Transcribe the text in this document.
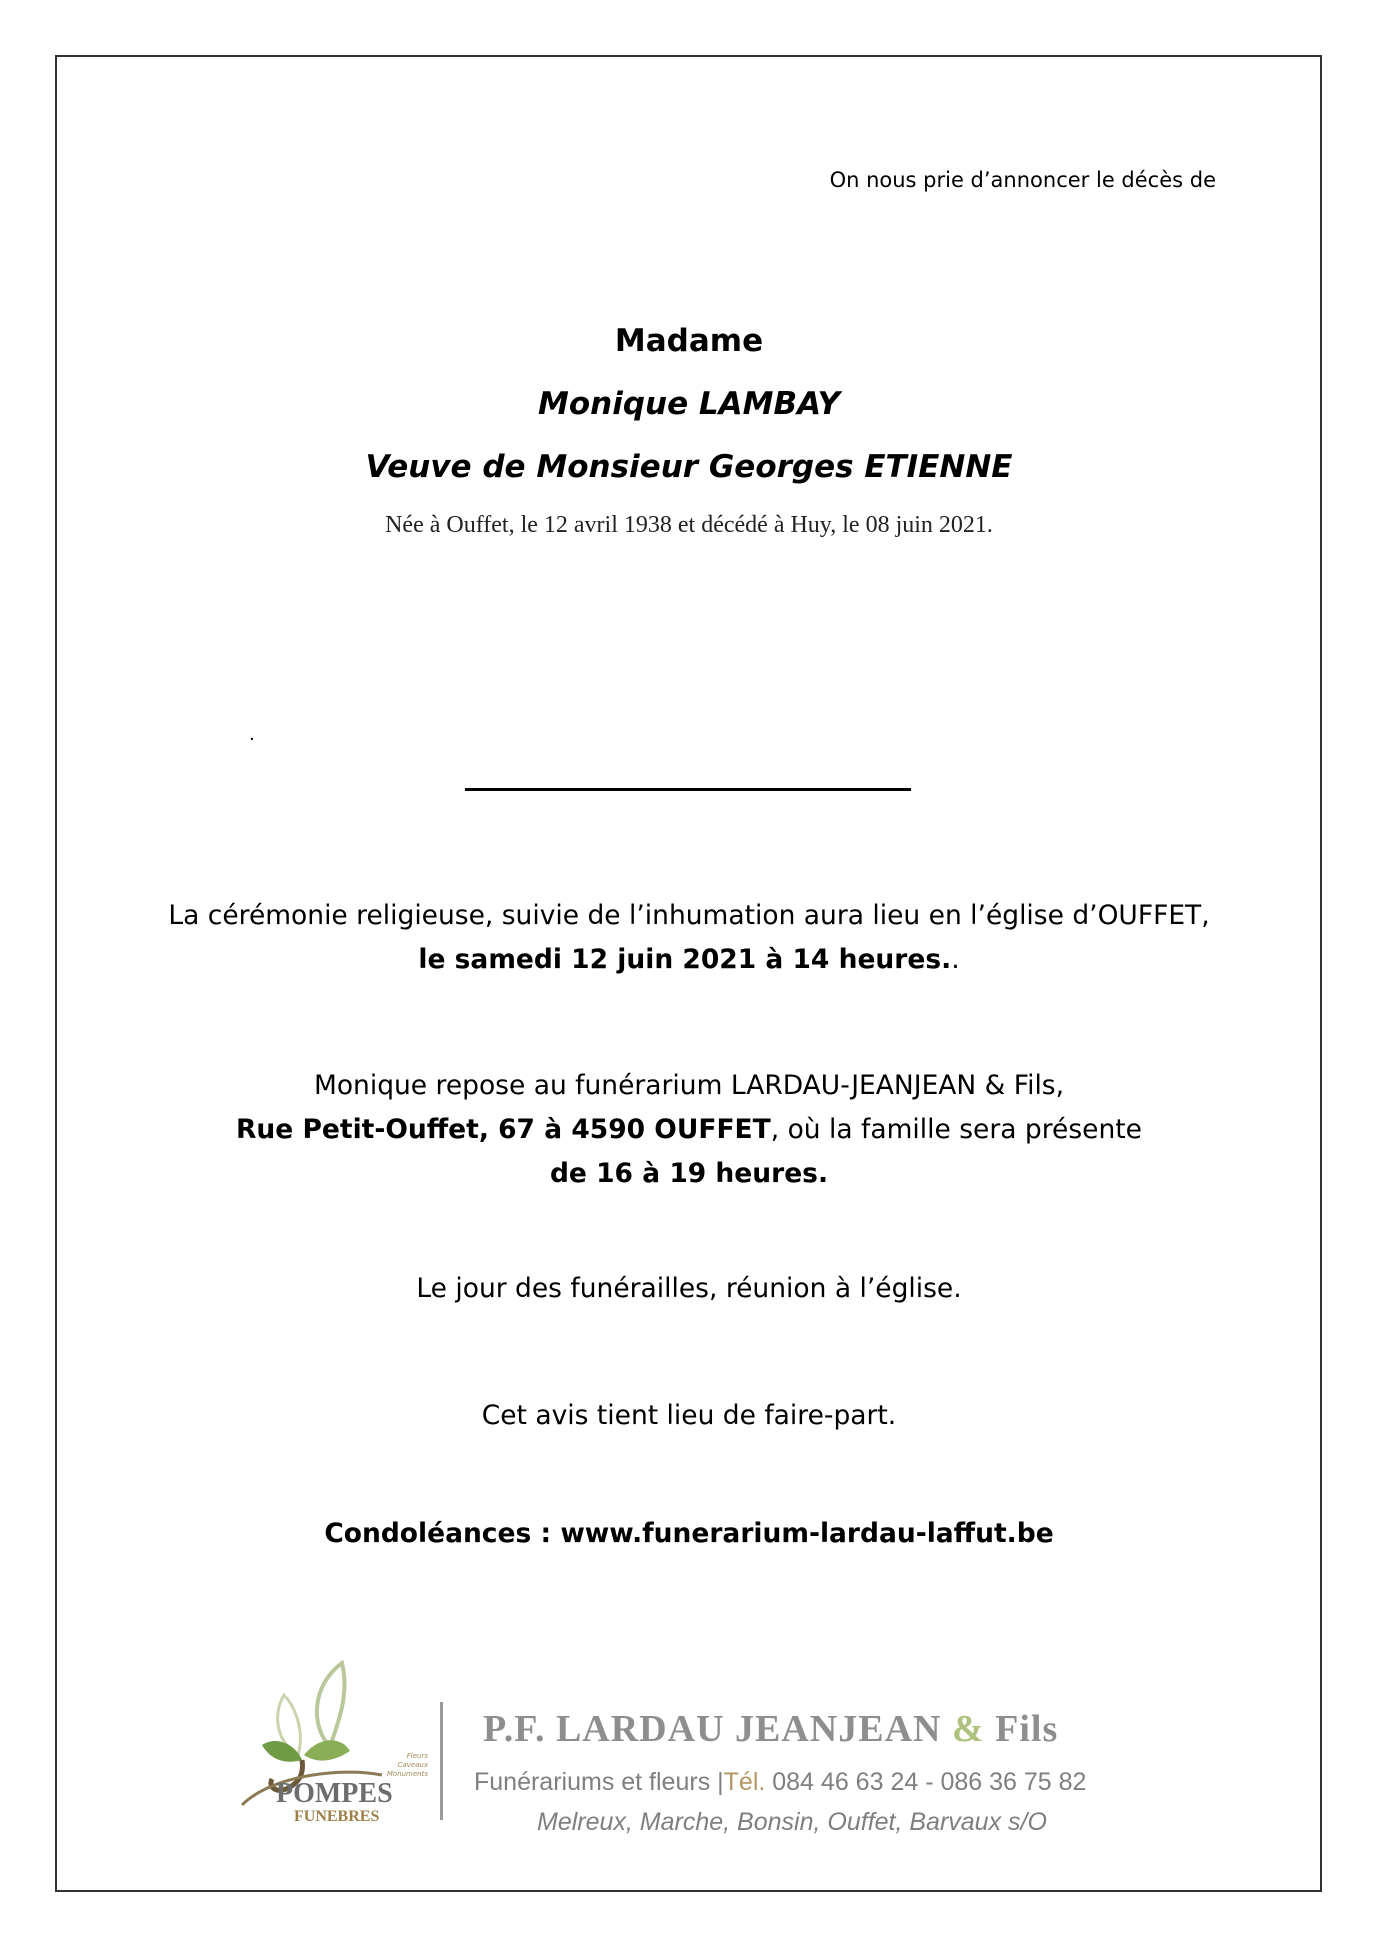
On nous prie d’annoncer le décès de
Madame
Monique LAMBAY
Veuve de Monsieur Georges ETIENNE
Née à Ouffet, le 12 avril 1938 et décédé à Huy, le 08 juin 2021.
.
La cérémonie religieuse, suivie de l’inhumation aura lieu en l’église d’OUFFET,
le samedi 12 juin 2021 à 14 heures..
Monique repose au funérarium LARDAU-JEANJEAN & Fils,
Rue Petit-Ouffet, 67 à 4590 OUFFET, où la famille sera présente
de 16 à 19 heures.
Le jour des funérailles, réunion à l’église.
Cet avis tient lieu de faire-part.
Condoléances : www.funerarium-lardau-laffut.be
POMPES
FUNEBRES
Fleurs
Caveaux
Monuments
P.F. LARDAU JEANJEAN & Fils
Funérariums et fleurs |Tél. 084 46 63 24 - 086 36 75 82
Melreux, Marche, Bonsin, Ouffet, Barvaux s/O
